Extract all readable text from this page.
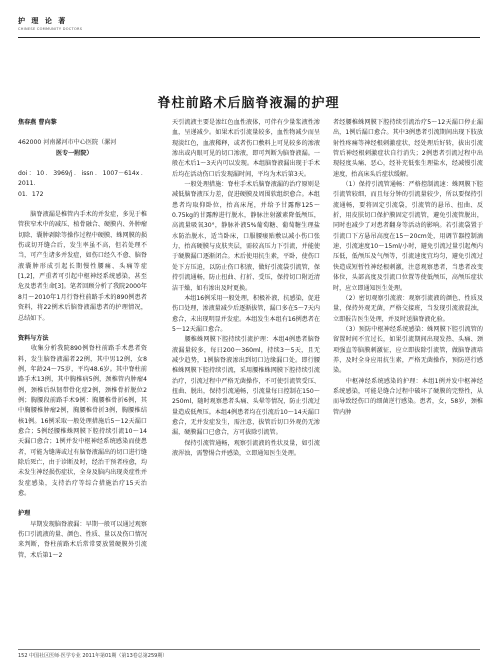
护 理 论 著
CHINESE COMMUNITY DOCTORS
脊柱前路术后脑脊液漏的护理

焦春燕 曹向黎

462000 河南漯河市中心医院（漯河

医专一附院）

doi：10．3969/j．issn．1007－614x．2011．

01．172

　　脑脊液漏是椎管内手术的并发症，多见于椎管狭窄术中的减压、植骨融合、硬膜内、外肿瘤切除、囊肿剥除等操作过程中硬膜、蛛网膜的损伤或切开缝合后，发生率虽不高，但若处理不当，可产生诸多并发症，如伤口经久不愈、脑脊液囊肿形成引起长期慢性腰痛、头痛等症[1,2]，严重者可引起中枢神经系统感染，甚至危及患者生命[3]。笔者回顾分析了我院2000年8月～2010年1月行脊柱前路手术的890例患者资料，将22例术后脑脊液漏患者的护理情况，总结如下。

资料与方法

　　收集分析我院890例脊柱前路手术患者资料，发生脑脊液漏者22例，其中男12例，女8例，年龄24～75岁，平均48.6岁。其中脊柱前路手术13例，其中胸椎病5例，颈椎管内肿瘤4例，颈椎后纵韧带骨化症2例，颈椎骨折脱位2例；胸腰段前路手术9例：胸腰椎骨折6例，其中胸腰椎肿瘤2例，胸腰椎骨折3例，胸腰椎结核1例。16例采取一般处理措施后5～12天漏口愈合；5例经腰椎蛛网膜下腔持续引流10～14天漏口愈合；1例并发中枢神经系统感染而使患者，可能为缝薄或过有脑脊液漏出的切口进行缝除后死亡，由于诊断及时，经治干预者痊愈，均未发生神经损伤症状，全身及脑内出现炎症性并发症感染，支持治疗等综合措施治疗15天治愈。

护理

　　早期发现脑脊液漏：早期一般可以通过观察伤口引流液的量、颜色、性质、量以及伤口情况来判断，脊柱前路术后常常要放置硬膜外引流管，术后第1～2

天引流液主要是渗红色血性液体，可伴有少量浆液性渗血，呈递减少。如果术后引流量较多，血性物减少而呈现淡红色，血液稀释，或者伤口敷料上可见较多的渗液渗出或内眼可见的切口渗液，即可判断为脑脊液漏。一般在术后1～3天内可以发现。本组脑脊液漏出现于手术后均在活动伤口后发现漏时间，平均为术后第3天。

　　一般处理措施：脊柱手术后脑脊液漏的治疗原则是减低脑脊液压力差，促进硬膜及周围软组织愈合。本组患者均取仰卧位，抬高床尾，并给予甘露醇125～0.75kg的甘露醇进行脱水，静脉注射激素降低颅压，高流量吸氧30°，静脉补液5%葡萄糖、葡萄糖生理盐水防治脱水，适当卧床，口服腰瘘贴敷以减小伤口张力，抬高硬膜与皮肤夹层，需较高压力下引流，并能使于硬膜漏口逐渐闭合。术后使用抗生素，平卧，使伤口处下方压迫，以防止伤口积液，做好引流袋引流管，保持引流通畅，防止扭曲、打折、受压，保持切口附近清洁干燥，如有渗出及时更换。

　　本组16例采用一般处理，积极补液，抗感染，促进伤口处理，渗液量减少后逐渐拔管，漏口多在5～7天内愈合，未出现明显并发症。本组发生本组有16例患者在5～12天漏口愈合。

　　腰椎蛛网膜下腔持续引流护理：本组4例患者脑脊液漏量较多，每日200～360ml，持续3～5天，且无减少趋势，1例脑脊液渗出到切口边缘漏口处。即行腰椎蛛网膜下腔持续引流，采用腰椎蛛网膜下腔持续引流治疗，引流过程中严格无菌操作，不可使引流管受压、扭曲、脱出，保持引流通畅，引流量每日控制在150～250ml，随时观察患者头痛、头晕等情况，防止引流过量造成低颅压。本组4例患者均在引流后10～14天漏口愈合，无并发症发生，需注意，拔管后切口外观仍无渗漏，硬膜漏口已愈合，方可拔除引流管。

　　保持引流管通畅，观察引流液的性状及量，如引流液浑浊，需警惕合并感染，立即通知医生处理。

者经腰椎蛛网膜下腔持续引流治疗5～12天漏口停止漏出，1例后漏口愈合。其中3例患者引流期间出现下肢放射性疼痛等神经根刺激症状，经处理后好转，拔出引流管后神经根刺激症状自行消失；2例患者引流过程中出现轻度头痛、恶心，经补充低张生理盐水，经减慢引流速度，抬高床头后症状缓解。

　　（1）保持引流管通畅：严格控制流速：蛛网膜下腔引流管较细，而且每分钟的引流量较少，所以要保持引流通畅，要将固定引流袋，引流管的悬吊、扭曲、反折，用皮肤切口保护膜固定引流管，避免引流管脱出，同时也减少了对患者翻身等活动的影响。若引流袋置于引流口下方悬吊高度在15～20cm处，用调节器控制滴速，引流速度10～15ml/小时，避免引流过量引起颅内压低，低颅压及气颅等，引流速度宜均匀，避免引流过快造成短暂性神经根刺激，注意观察患者，当患者改变体位，头部高度及引流口位置等使低颅压，高颅压症状时，应立即通知医生处理。

　　（2）密切观察引流液：观察引流液的颜色、性质及量，保持外观无菌，严格交接班，当发现引流液混浊，立即报告医生处理，并及时送脑脊液化验。

　　（3）预防中枢神经系统感染：蛛网膜下腔引流管的留置时间不宜过长，如果引流期间出现发热、头痛、颈项强直等脑膜刺激征，应立即拔除引流管，做脑脊液培养，及时全身应用抗生素，严格无菌操作，预防逆行感染。

　　中枢神经系统感染的护理：本组1例并发中枢神经系统感染，可能是缝合过程中破坏了硬膜的完整性，从而导致经伤口的细菌逆行感染。患者，女，58岁，颈椎管内肿

152 中国社区医师·医学专业 2011年第01期（第13卷总第259期）
